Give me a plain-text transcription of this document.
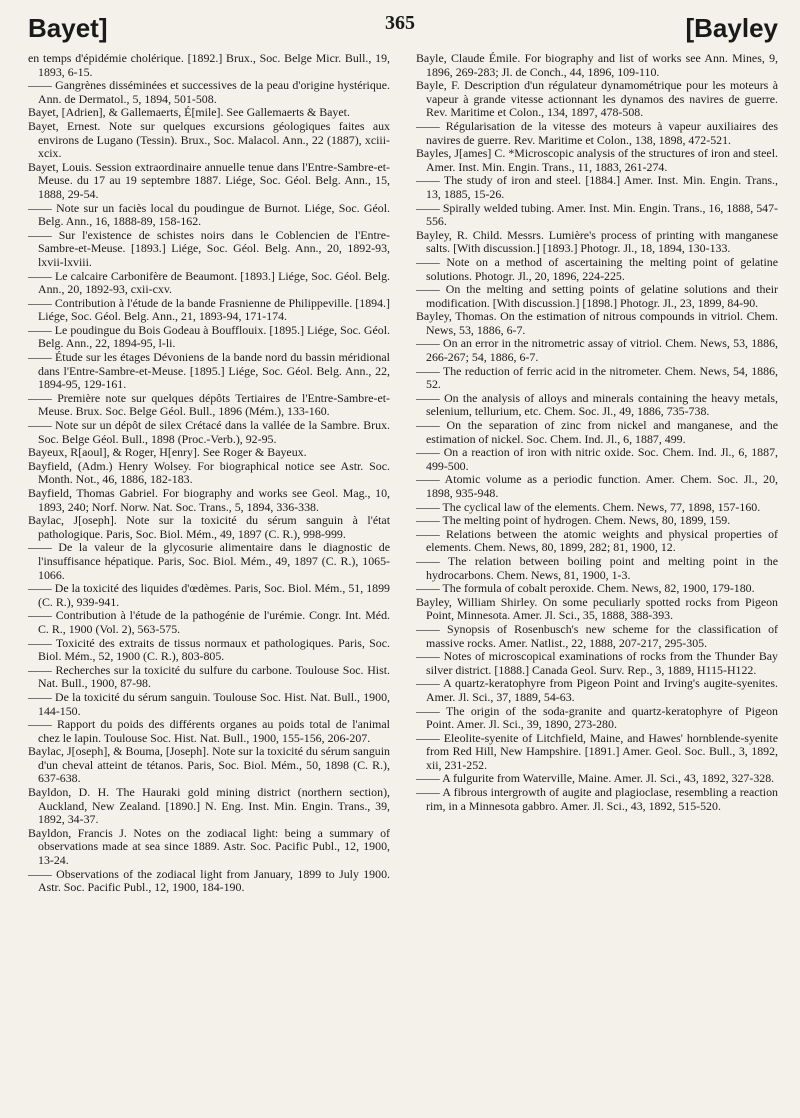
Bayet]	365	[Bayley

en temps d'épidémie cholérique. [1892.] Brux., Soc. Belge Micr. Bull., 19, 1893, 6-15.

—— Gangrènes disséminées et successives de la peau d'origine hystérique. Ann. de Dermatol., 5, 1894, 501-508.

Bayet, [Adrien], & Gallemaerts, É[mile]. See Gallemaerts & Bayet.

Bayet, Ernest. Note sur quelques excursions géologiques faites aux environs de Lugano (Tessin). Brux., Soc. Malacol. Ann., 22 (1887), xciii-xcix.

Bayet, Louis. Session extraordinaire annuelle tenue dans l'Entre-Sambre-et-Meuse. du 17 au 19 septembre 1887. Liége, Soc. Géol. Belg. Ann., 15, 1888, 29-54.

—— Note sur un faciès local du poudingue de Burnot. Liége, Soc. Géol. Belg. Ann., 16, 1888-89, 158-162.

—— Sur l'existence de schistes noirs dans le Coblencien de l'Entre-Sambre-et-Meuse. [1893.] Liége, Soc. Géol. Belg. Ann., 20, 1892-93, lxvii-lxviii.

—— Le calcaire Carbonifère de Beaumont. [1893.] Liége, Soc. Géol. Belg. Ann., 20, 1892-93, cxii-cxv.

—— Contribution à l'étude de la bande Frasnienne de Philippeville. [1894.] Liége, Soc. Géol. Belg. Ann., 21, 1893-94, 171-174.

—— Le poudingue du Bois Godeau à Boufflouix. [1895.] Liége, Soc. Géol. Belg. Ann., 22, 1894-95, l-li.

—— Étude sur les étages Dévoniens de la bande nord du bassin méridional dans l'Entre-Sambre-et-Meuse. [1895.] Liége, Soc. Géol. Belg. Ann., 22, 1894-95, 129-161.

—— Première note sur quelques dépôts Tertiaires de l'Entre-Sambre-et-Meuse. Brux. Soc. Belge Géol. Bull., 1896 (Mém.), 133-160.

—— Note sur un dépôt de silex Crétacé dans la vallée de la Sambre. Brux. Soc. Belge Géol. Bull., 1898 (Proc.-Verb.), 92-95.

Bayeux, R[aoul], & Roger, H[enry]. See Roger & Bayeux.

Bayfield, (Adm.) Henry Wolsey. For biographical notice see Astr. Soc. Month. Not., 46, 1886, 182-183.

Bayfield, Thomas Gabriel. For biography and works see Geol. Mag., 10, 1893, 240; Norf. Norw. Nat. Soc. Trans., 5, 1894, 336-338.

Baylac, J[oseph]. Note sur la toxicité du sérum sanguin à l'état pathologique. Paris, Soc. Biol. Mém., 49, 1897 (C. R.), 998-999.

—— De la valeur de la glycosurie alimentaire dans le diagnostic de l'insuffisance hépatique. Paris, Soc. Biol. Mém., 49, 1897 (C. R.), 1065-1066.

—— De la toxicité des liquides d'œdèmes. Paris, Soc. Biol. Mém., 51, 1899 (C. R.), 939-941.

—— Contribution à l'étude de la pathogénie de l'urémie. Congr. Int. Méd. C. R., 1900 (Vol. 2), 563-575.

—— Toxicité des extraits de tissus normaux et pathologiques. Paris, Soc. Biol. Mém., 52, 1900 (C. R.), 803-805.

—— Recherches sur la toxicité du sulfure du carbone. Toulouse Soc. Hist. Nat. Bull., 1900, 87-98.

—— De la toxicité du sérum sanguin. Toulouse Soc. Hist. Nat. Bull., 1900, 144-150.

—— Rapport du poids des différents organes au poids total de l'animal chez le lapin. Toulouse Soc. Hist. Nat. Bull., 1900, 155-156, 206-207.

Baylac, J[oseph], & Bouma, [Joseph]. Note sur la toxicité du sérum sanguin d'un cheval atteint de tétanos. Paris, Soc. Biol. Mém., 50, 1898 (C. R.), 637-638.

Bayldon, D. H. The Hauraki gold mining district (northern section), Auckland, New Zealand. [1890.] N. Eng. Inst. Min. Engin. Trans., 39, 1892, 34-37.

Bayldon, Francis J. Notes on the zodiacal light: being a summary of observations made at sea since 1889. Astr. Soc. Pacific Publ., 12, 1900, 13-24.

—— Observations of the zodiacal light from January, 1899 to July 1900. Astr. Soc. Pacific Publ., 12, 1900, 184-190.

Bayle, Claude Émile. For biography and list of works see Ann. Mines, 9, 1896, 269-283; Jl. de Conch., 44, 1896, 109-110.

Bayle, F. Description d'un régulateur dynamométrique pour les moteurs à vapeur à grande vitesse actionnant les dynamos des navires de guerre. Rev. Maritime et Colon., 134, 1897, 478-508.

—— Régularisation de la vitesse des moteurs à vapeur auxiliaires des navires de guerre. Rev. Maritime et Colon., 138, 1898, 472-521.

Bayles, J[ames] C. *Microscopic analysis of the structures of iron and steel. Amer. Inst. Min. Engin. Trans., 11, 1883, 261-274.

—— The study of iron and steel. [1884.] Amer. Inst. Min. Engin. Trans., 13, 1885, 15-26.

—— Spirally welded tubing. Amer. Inst. Min. Engin. Trans., 16, 1888, 547-556.

Bayley, R. Child. Messrs. Lumière's process of printing with manganese salts. [With discussion.] [1893.] Photogr. Jl., 18, 1894, 130-133.

—— Note on a method of ascertaining the melting point of gelatine solutions. Photogr. Jl., 20, 1896, 224-225.

—— On the melting and setting points of gelatine solutions and their modification. [With discussion.] [1898.] Photogr. Jl., 23, 1899, 84-90.

Bayley, Thomas. On the estimation of nitrous compounds in vitriol. Chem. News, 53, 1886, 6-7.

—— On an error in the nitrometric assay of vitriol. Chem. News, 53, 1886, 266-267; 54, 1886, 6-7.

—— The reduction of ferric acid in the nitrometer. Chem. News, 54, 1886, 52.

—— On the analysis of alloys and minerals containing the heavy metals, selenium, tellurium, etc. Chem. Soc. Jl., 49, 1886, 735-738.

—— On the separation of zinc from nickel and manganese, and the estimation of nickel. Soc. Chem. Ind. Jl., 6, 1887, 499.

—— On a reaction of iron with nitric oxide. Soc. Chem. Ind. Jl., 6, 1887, 499-500.

—— Atomic volume as a periodic function. Amer. Chem. Soc. Jl., 20, 1898, 935-948.

—— The cyclical law of the elements. Chem. News, 77, 1898, 157-160.

—— The melting point of hydrogen. Chem. News, 80, 1899, 159.

—— Relations between the atomic weights and physical properties of elements. Chem. News, 80, 1899, 282; 81, 1900, 12.

—— The relation between boiling point and melting point in the hydrocarbons. Chem. News, 81, 1900, 1-3.

—— The formula of cobalt peroxide. Chem. News, 82, 1900, 179-180.

Bayley, William Shirley. On some peculiarly spotted rocks from Pigeon Point, Minnesota. Amer. Jl. Sci., 35, 1888, 388-393.

—— Synopsis of Rosenbusch's new scheme for the classification of massive rocks. Amer. Natlist., 22, 1888, 207-217, 295-305.

—— Notes of microscopical examinations of rocks from the Thunder Bay silver district. [1888.] Canada Geol. Surv. Rep., 3, 1889, H115-H122.

—— A quartz-keratophyre from Pigeon Point and Irving's augite-syenites. Amer. Jl. Sci., 37, 1889, 54-63.

—— The origin of the soda-granite and quartz-keratophyre of Pigeon Point. Amer. Jl. Sci., 39, 1890, 273-280.

—— Eleolite-syenite of Litchfield, Maine, and Hawes' hornblende-syenite from Red Hill, New Hampshire. [1891.] Amer. Geol. Soc. Bull., 3, 1892, xii, 231-252.

—— A fulgurite from Waterville, Maine. Amer. Jl. Sci., 43, 1892, 327-328.

—— A fibrous intergrowth of augite and plagioclase, resembling a reaction rim, in a Minnesota gabbro. Amer. Jl. Sci., 43, 1892, 515-520.
